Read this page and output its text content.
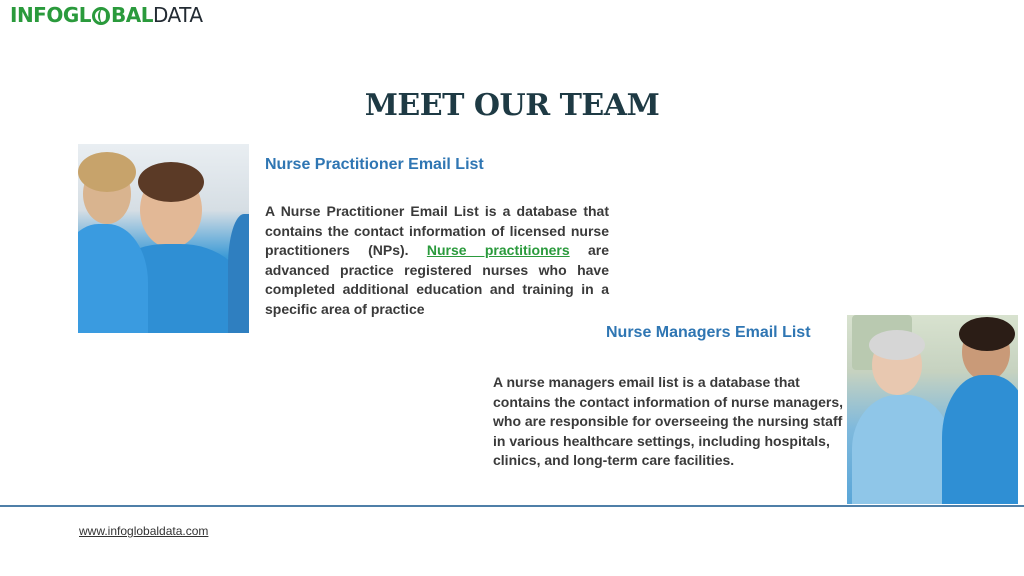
INFOGL BAL DATA
MEET OUR TEAM
Nurse Practitioner Email List
A Nurse Practitioner Email List is a database that contains the contact information of licensed nurse practitioners (NPs). Nurse practitioners are advanced practice registered nurses who have completed additional education and training in a specific area of practice
Nurse Managers Email List
A nurse managers email list is a database that contains the contact information of nurse managers, who are responsible for overseeing the nursing staff in various healthcare settings, including hospitals, clinics, and long-term care facilities.
www.infoglobaldata.com
